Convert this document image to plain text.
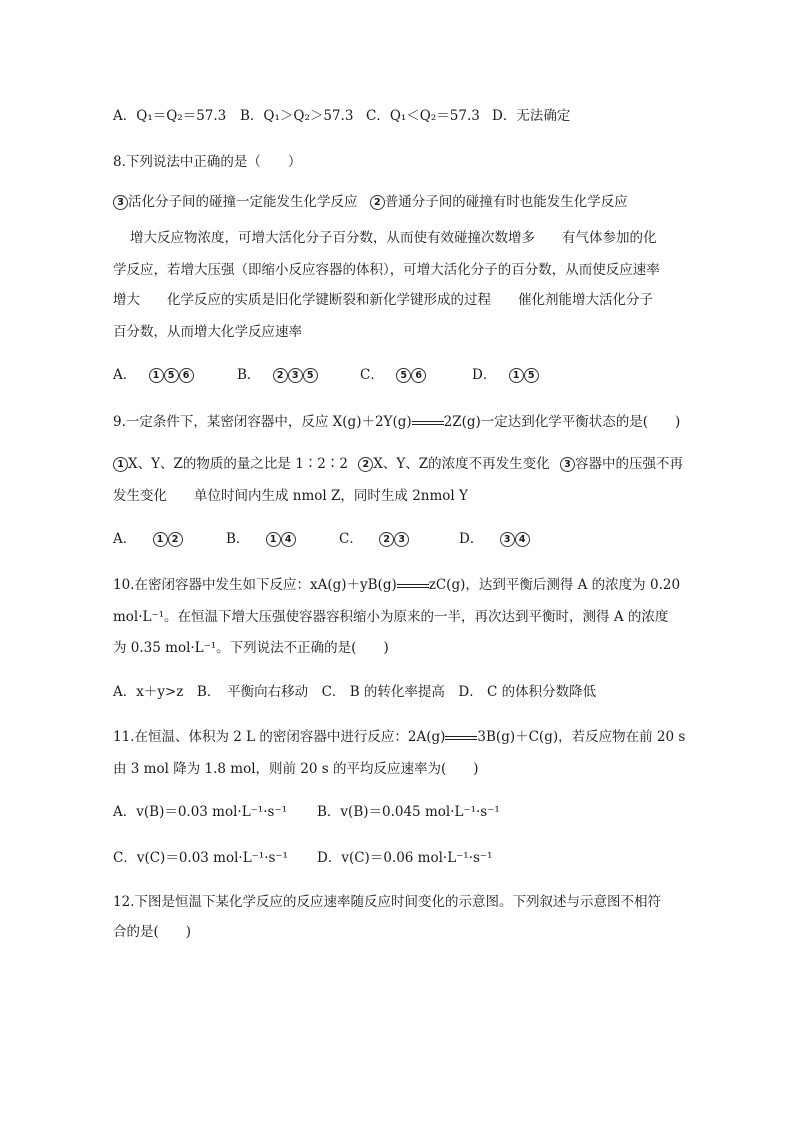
A．Q₁＝Q₂＝57.3 B．Q₁＞Q₂＞57.3 C．Q₁＜Q₂＝57.3 D．无法确定
8.下列说法中正确的是（　　）
3 活化分子间的碰撞一定能发生化学反应 2 普通分子间的碰撞有时也能发生化学反应
增大反应物浓度，可增大活化分子百分数，从而使有效碰撞次数增多　　有气体参加的化
学反应，若增大压强（即缩小反应容器的体积），可增大活化分子的百分数，从而使反应速率
增大　　化学反应的实质是旧化学键断裂和新化学键形成的过程　　催化剂能增大活化分子
百分数，从而增大化学反应速率
A． 1 5 6	B． 2 3 5	C． 5 6	D． 1 5
9.一定条件下，某密闭容器中，反应 X(g)＋2Y(g) 2Z(g)一定达到化学平衡状态的是(　　)
1 X、Y、Z的物质的量之比是 1∶2∶2 2 X、Y、Z的浓度不再发生变化 3 容器中的压强不再
发生变化　　单位时间内生成 nmol Z，同时生成 2nmol Y
A． 1 2	B． 1 4	C． 2 3	D． 3 4
10.在密闭容器中发生如下反应：xA(g)＋yB(g) zC(g)，达到平衡后测得 A 的浓度为 0.20
mol·L⁻¹。在恒温下增大压强使容器容积缩小为原来的一半，再次达到平衡时，测得 A 的浓度
为 0.35 mol·L⁻¹。下列说法不正确的是(　　)
A．x＋y>z　B．　平衡向右移动　C． B 的转化率提高　D． C 的体积分数降低
11.在恒温、体积为 2 L 的密闭容器中进行反应：2A(g) 3B(g)＋C(g)，若反应物在前 20 s
由 3 mol 降为 1.8 mol，则前 20 s 的平均反应速率为(　　)
A．v(B)＝0.03 mol·L⁻¹·s⁻¹ B．v(B)＝0.045 mol·L⁻¹·s⁻¹
C．v(C)＝0.03 mol·L⁻¹·s⁻¹ D．v(C)＝0.06 mol·L⁻¹·s⁻¹
12.下图是恒温下某化学反应的反应速率随反应时间变化的示意图。下列叙述与示意图不相符
合的是(　　)
